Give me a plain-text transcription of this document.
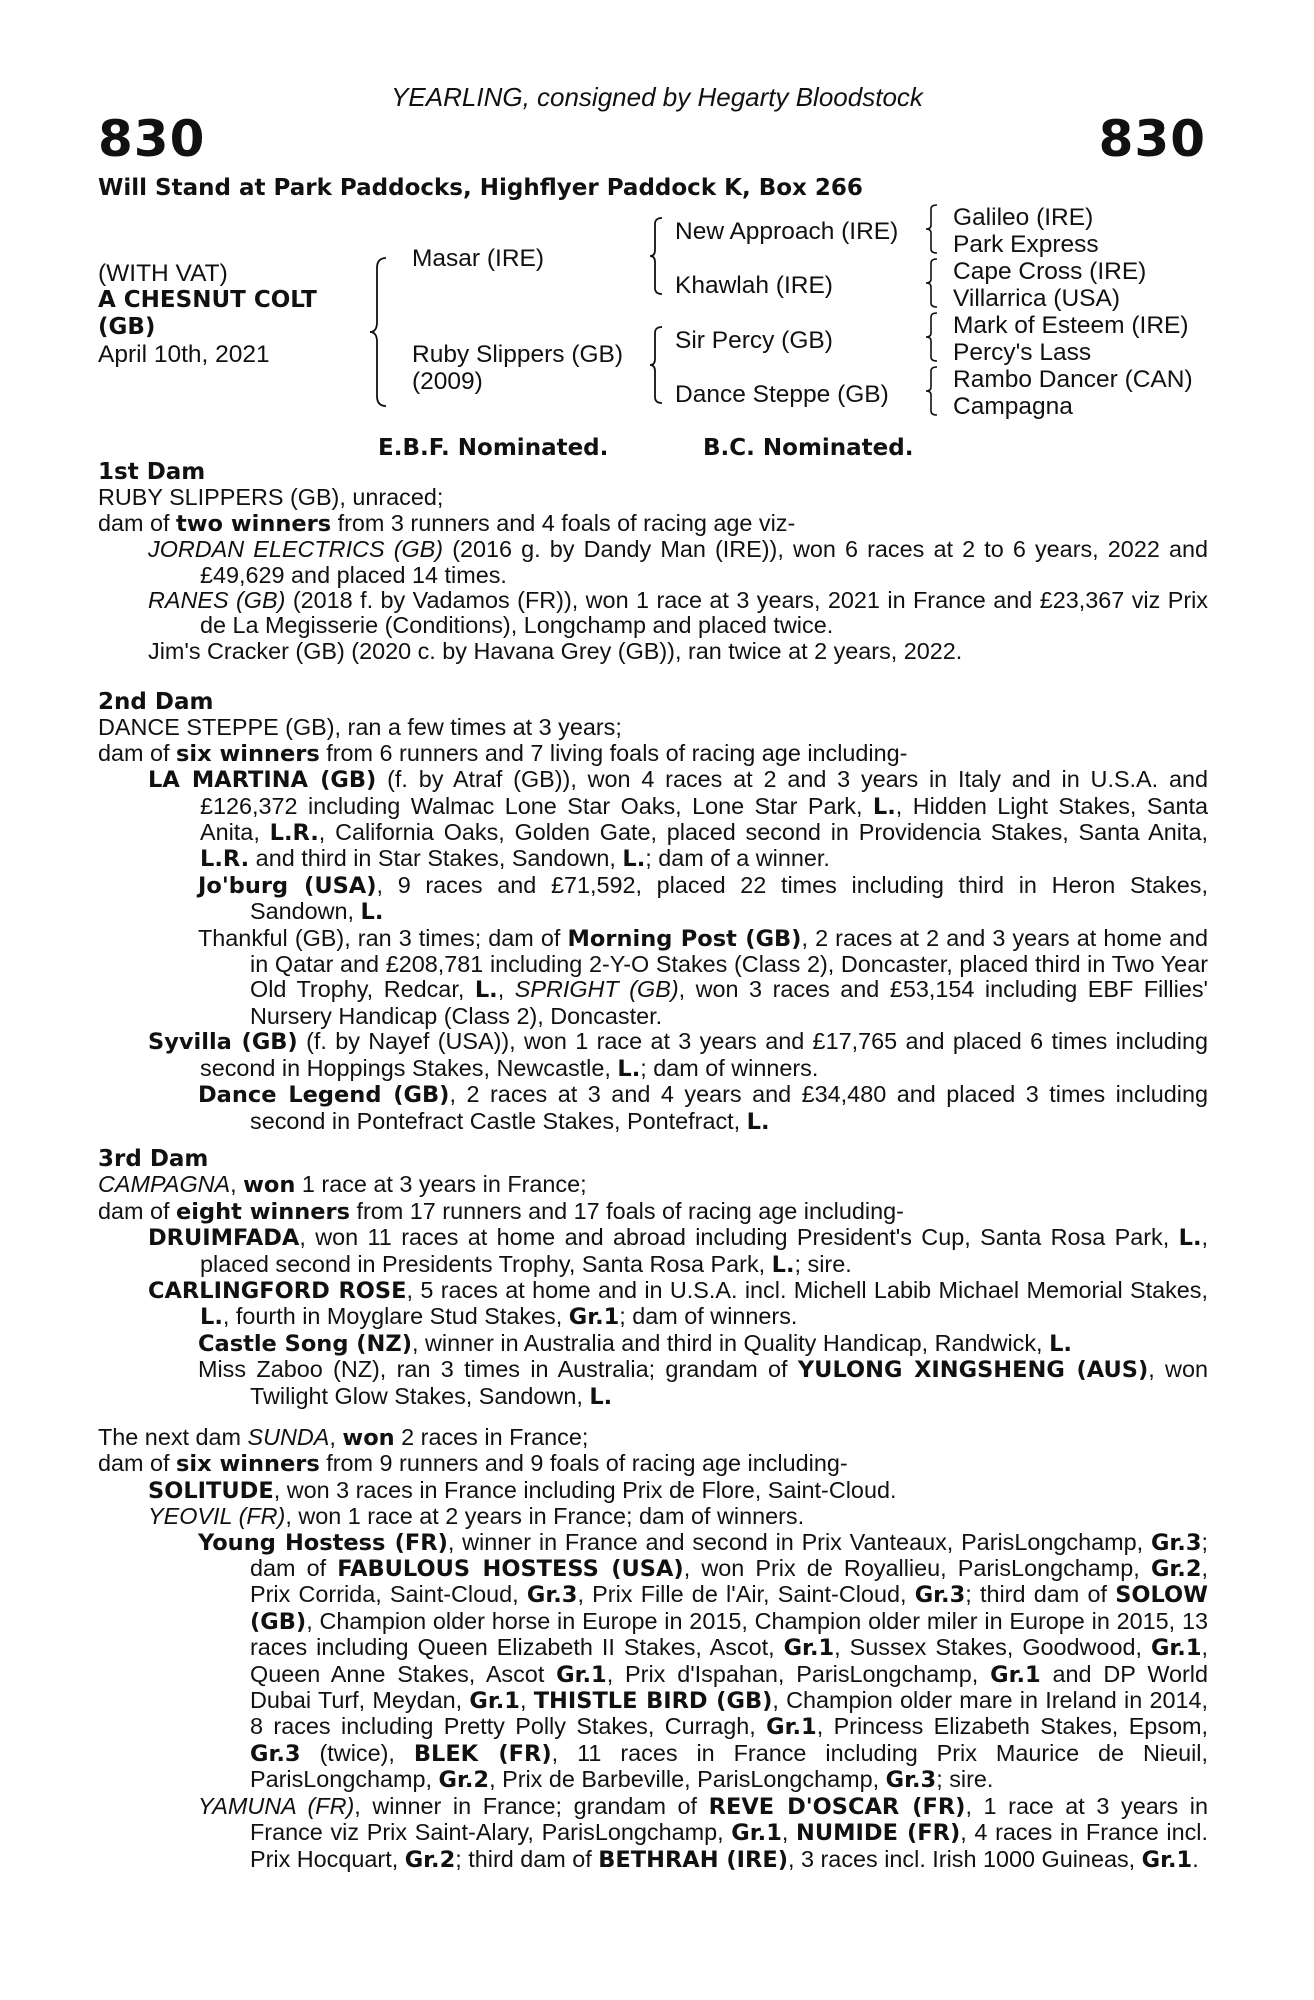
YEARLING, consigned by Hegarty Bloodstock
830	830
Will Stand at Park Paddocks, Highflyer Paddock K, Box 266
(WITH VAT)
A CHESNUT COLT
(GB)
April 10th, 2021
Masar (IRE)
Ruby Slippers (GB)
(2009)
New Approach (IRE)
Khawlah (IRE)
Sir Percy (GB)
Dance Steppe (GB)
Galileo (IRE)
Park Express
Cape Cross (IRE)
Villarrica (USA)
Mark of Esteem (IRE)
Percy's Lass
Rambo Dancer (CAN)
Campagna
E.B.F. Nominated.	B.C. Nominated.

1st Dam

RUBY SLIPPERS (GB), unraced;

dam of two winners from 3 runners and 4 foals of racing age viz-

JORDAN ELECTRICS (GB) (2016 g. by Dandy Man (IRE)), won 6 races at 2 to 6 years, 2022 and £49,629 and placed 14 times.

RANES (GB) (2018 f. by Vadamos (FR)), won 1 race at 3 years, 2021 in France and £23,367 viz Prix de La Megisserie (Conditions), Longchamp and placed twice.

Jim's Cracker (GB) (2020 c. by Havana Grey (GB)), ran twice at 2 years, 2022.

2nd Dam

DANCE STEPPE (GB), ran a few times at 3 years;

dam of six winners from 6 runners and 7 living foals of racing age including-

LA MARTINA (GB) (f. by Atraf (GB)), won 4 races at 2 and 3 years in Italy and in U.S.A. and £126,372 including Walmac Lone Star Oaks, Lone Star Park, L., Hidden Light Stakes, Santa Anita, L.R., California Oaks, Golden Gate, placed second in Providencia Stakes, Santa Anita, L.R. and third in Star Stakes, Sandown, L.; dam of a winner.

Jo'burg (USA), 9 races and £71,592, placed 22 times including third in Heron Stakes, Sandown, L.

Thankful (GB), ran 3 times; dam of Morning Post (GB), 2 races at 2 and 3 years at home and in Qatar and £208,781 including 2-Y-O Stakes (Class 2), Doncaster, placed third in Two Year Old Trophy, Redcar, L., SPRIGHT (GB), won 3 races and £53,154 including EBF Fillies' Nursery Handicap (Class 2), Doncaster.

Syvilla (GB) (f. by Nayef (USA)), won 1 race at 3 years and £17,765 and placed 6 times including second in Hoppings Stakes, Newcastle, L.; dam of winners.

Dance Legend (GB), 2 races at 3 and 4 years and £34,480 and placed 3 times including second in Pontefract Castle Stakes, Pontefract, L.

3rd Dam

CAMPAGNA, won 1 race at 3 years in France;

dam of eight winners from 17 runners and 17 foals of racing age including-

DRUIMFADA, won 11 races at home and abroad including President's Cup, Santa Rosa Park, L., placed second in Presidents Trophy, Santa Rosa Park, L.; sire.

CARLINGFORD ROSE, 5 races at home and in U.S.A. incl. Michell Labib Michael Memorial Stakes, L., fourth in Moyglare Stud Stakes, Gr.1; dam of winners.

Castle Song (NZ), winner in Australia and third in Quality Handicap, Randwick, L.

Miss Zaboo (NZ), ran 3 times in Australia; grandam of YULONG XINGSHENG (AUS), won Twilight Glow Stakes, Sandown, L.

The next dam SUNDA, won 2 races in France;

dam of six winners from 9 runners and 9 foals of racing age including-

SOLITUDE, won 3 races in France including Prix de Flore, Saint-Cloud.

YEOVIL (FR), won 1 race at 2 years in France; dam of winners.

Young Hostess (FR), winner in France and second in Prix Vanteaux, ParisLongchamp, Gr.3; dam of FABULOUS HOSTESS (USA), won Prix de Royallieu, ParisLongchamp, Gr.2, Prix Corrida, Saint-Cloud, Gr.3, Prix Fille de l'Air, Saint-Cloud, Gr.3; third dam of SOLOW (GB), Champion older horse in Europe in 2015, Champion older miler in Europe in 2015, 13 races including Queen Elizabeth II Stakes, Ascot, Gr.1, Sussex Stakes, Goodwood, Gr.1, Queen Anne Stakes, Ascot Gr.1, Prix d'Ispahan, ParisLongchamp, Gr.1 and DP World Dubai Turf, Meydan, Gr.1, THISTLE BIRD (GB), Champion older mare in Ireland in 2014, 8 races including Pretty Polly Stakes, Curragh, Gr.1, Princess Elizabeth Stakes, Epsom, Gr.3 (twice), BLEK (FR), 11 races in France including Prix Maurice de Nieuil, ParisLongchamp, Gr.2, Prix de Barbeville, ParisLongchamp, Gr.3; sire.

YAMUNA (FR), winner in France; grandam of REVE D'OSCAR (FR), 1 race at 3 years in France viz Prix Saint-Alary, ParisLongchamp, Gr.1, NUMIDE (FR), 4 races in France incl. Prix Hocquart, Gr.2; third dam of BETHRAH (IRE), 3 races incl. Irish 1000 Guineas, Gr.1.
